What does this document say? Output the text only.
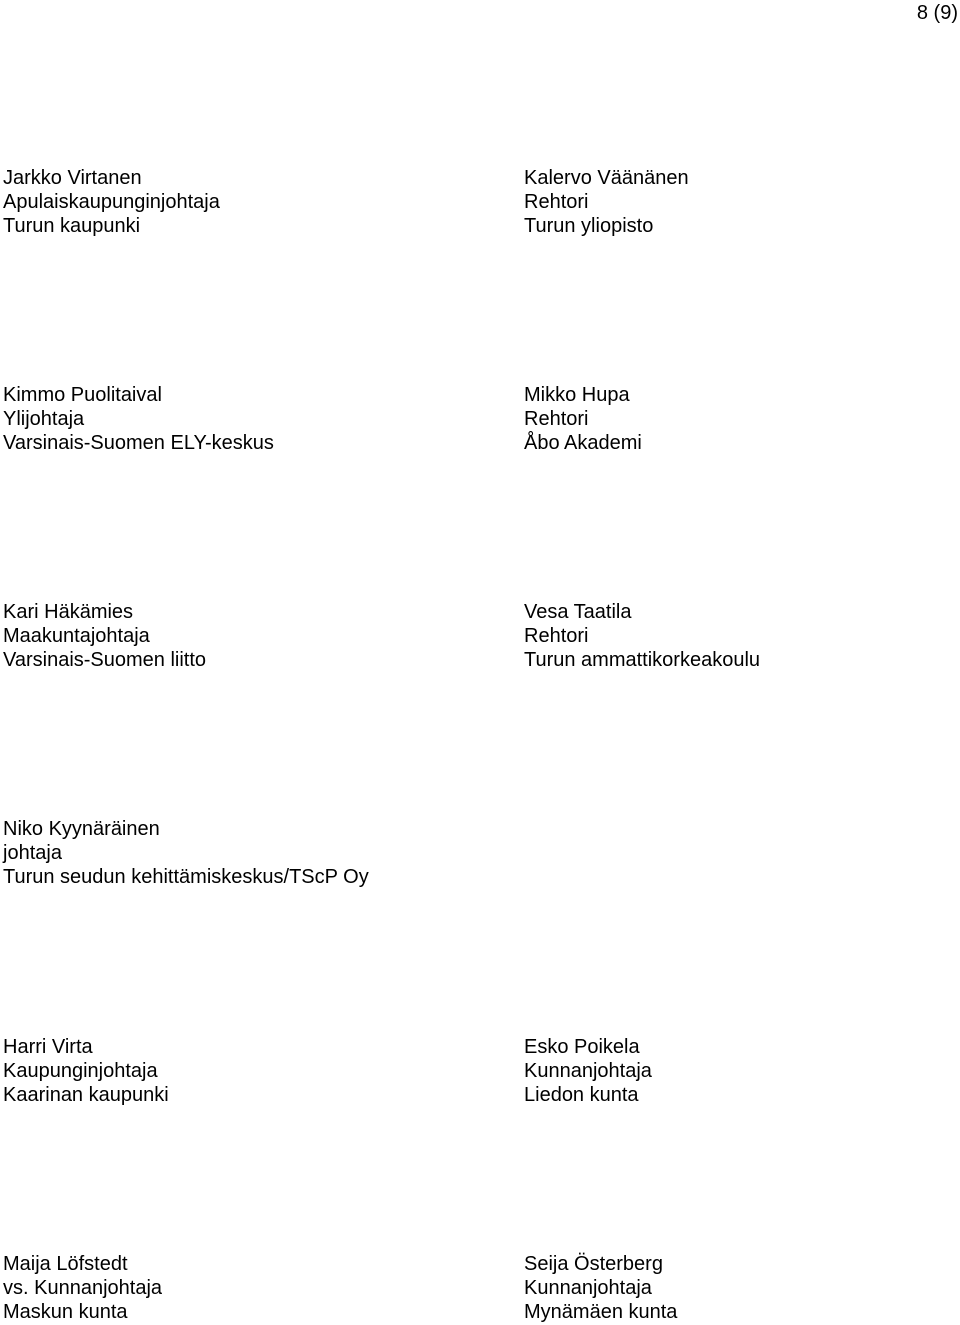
8 (9)
Jarkko Virtanen
Apulaiskaupunginjohtaja
Turun kaupunki
Kalervo Väänänen
Rehtori
Turun yliopisto
Kimmo Puolitaival
Ylijohtaja
Varsinais-Suomen ELY-keskus
Mikko Hupa
Rehtori
Åbo Akademi
Kari Häkämies
Maakuntajohtaja
Varsinais-Suomen liitto
Vesa Taatila
Rehtori
Turun ammattikorkeakoulu
Niko Kyynäräinen
johtaja
Turun seudun kehittämiskeskus/TScP Oy
Harri Virta
Kaupunginjohtaja
Kaarinan kaupunki
Esko Poikela
Kunnanjohtaja
Liedon kunta
Maija Löfstedt
vs. Kunnanjohtaja
Maskun kunta
Seija Österberg
Kunnanjohtaja
Mynämäen kunta
